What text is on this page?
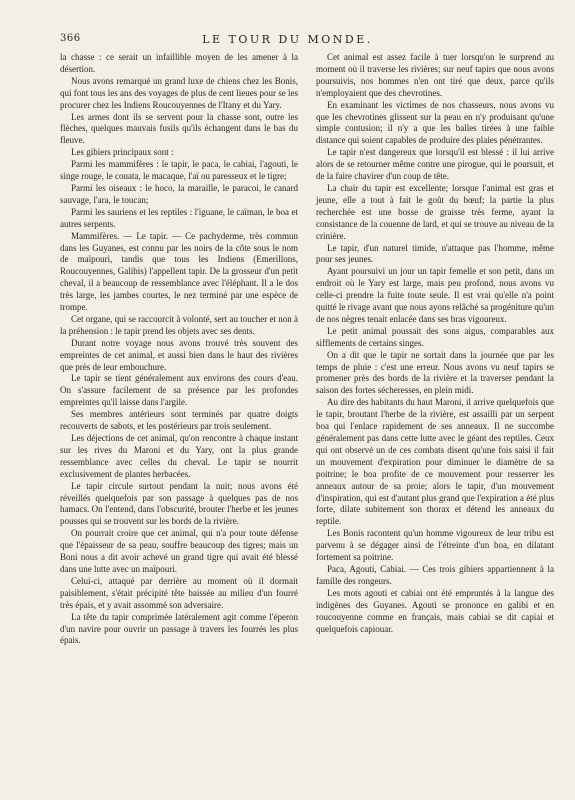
366	LE TOUR DU MONDE.

la chasse : ce serait un infaillible moyen de les amener à la désertion.

Nous avons remarqué un grand luxe de chiens chez les Bonis, qui font tous les ans des voyages de plus de cent lieues pour se les procurer chez les Indiens Roucouyennes de l'Itany et du Yary.

Les armes dont ils se servent pour la chasse sont, outre les flèches, quelques mauvais fusils qu'ils échangent dans le bas du fleuve.

Les gibiers principaux sont :

Parmi les mammifères : le tapir, le paca, le cabiai, l'agouti, le singe rouge, le couata, le macaque, l'aï ou paresseux et le tigre;

Parmi les oiseaux : le hoco, la maraille, le paracoi, le canard sauvage, l'ara, le toucan;

Parmi les sauriens et les reptiles : l'iguane, le caïman, le boa et autres serpents.

Mammifères. — Le tapir. — Ce pachyderme, très commun dans les Guyanes, est connu par les noirs de la côte sous le nom de maïpouri, tandis que tous les Indiens (Emerillons, Roucouyennes, Galibis) l'appellent tapir. De la grosseur d'un petit cheval, il a beaucoup de ressemblance avec l'éléphant. Il a le dos très large, les jambes courtes, le nez terminé par une espèce de trompe.

Cet organe, qui se raccourcit à volonté, sert au toucher et non à la préhension : le tapir prend les objets avec ses dents.

Durant notre voyage nous avons trouvé très souvent des empreintes de cet animal, et aussi bien dans le haut des rivières que près de leur embouchure.

Le tapir se tient généralement aux environs des cours d'eau. On s'assure facilement de sa présence par les profondes empreintes qu'il laisse dans l'argile.

Ses membres antérieurs sont terminés par quatre doigts recouverts de sabots, et les postérieurs par trois seulement.

Les déjections de cet animal, qu'on rencontre à chaque instant sur les rives du Maroni et du Yary, ont la plus grande ressemblance avec celles du cheval. Le tapir se nourrit exclusivement de plantes herbacées.

Le tapir circule surtout pendant la nuit; nous avons été réveillés quelquefois par son passage à quelques pas de nos hamacs. On l'entend, dans l'obscurité, brouter l'herbe et les jeunes pousses qui se trouvent sur les bords de la rivière.

On pourrait croire que cet animal, qui n'a pour toute défense que l'épaisseur de sa peau, souffre beaucoup des tigres; mais un Boni nous a dit avoir achevé un grand tigre qui avait été blessé dans une lutte avec un maïpouri.

Celui-ci, attaqué par derrière au moment où il dormait paisiblement, s'était précipité tête baissée au milieu d'un fourré très épais, et y avait assommé son adversaire.

La tête du tapir comprimée latéralement agit comme l'éperon d'un navire pour ouvrir un passage à travers les fourrés les plus épais.

Cet animal est assez facile à tuer lorsqu'on le surprend au moment où il traverse les rivières; sur neuf tapirs que nous avons poursuivis, nos hommes n'en ont tiré que deux, parce qu'ils n'employaient que des chevrotines.

En examinant les victimes de nos chasseurs, nous avons vu que les chevrotines glissent sur la peau en n'y produisant qu'une simple contusion; il n'y a que les balles tirées à une faible distance qui soient capables de produire des plaies pénétrantes.

Le tapir n'est dangereux que lorsqu'il est blessé : il lui arrive alors de se retourner même contre une pirogue, qui le poursuit, et de la faire chavirer d'un coup de tête.

La chair du tapir est excellente; lorsque l'animal est gras et jeune, elle a tout à fait le goût du bœuf; la partie la plus recherchée est une bosse de graisse très ferme, ayant la consistance de la couenne de lard, et qui se trouve au niveau de la crinière.

Le tapir, d'un naturel timide, n'attaque pas l'homme, même pour ses jeunes.

Ayant poursuivi un jour un tapir femelle et son petit, dans un endroit où le Yary est large, mais peu profond, nous avons vu celle-ci prendre la fuite toute seule. Il est vrai qu'elle n'a point quitté le rivage avant que nous ayons relâché sa progéniture qu'un de nos nègres tenait enlacée dans ses bras vigoureux.

Le petit animal poussait des sons aigus, comparables aux sifflements de certains singes.

On a dit que le tapir ne sortait dans la journée que par les temps de pluie : c'est une erreur. Nous avons vu neuf tapirs se promener près des bords de la rivière et la traverser pendant la saison des fortes sécheresses, en plein midi.

Au dire des habitants du haut Maroni, il arrive quelquefois que le tapir, broutant l'herbe de la rivière, est assailli par un serpent boa qui l'enlace rapidement de ses anneaux. Il ne succombe généralement pas dans cette lutte avec le géant des reptiles. Ceux qui ont observé un de ces combats disent qu'une fois saisi il fait un mouvement d'expiration pour diminuer le diamètre de sa poitrine; le boa profite de ce mouvement pour resserrer les anneaux autour de sa proie; alors le tapir, d'un mouvement d'inspiration, qui est d'autant plus grand que l'expiration a été plus forte, dilate subitement son thorax et détend les anneaux du reptile.

Les Bonis racontent qu'un homme vigoureux de leur tribu est parvenu à se dégager ainsi de l'étreinte d'un boa, en dilatant fortement sa poitrine.

Paca, Agouti, Cabiai. — Ces trois gibiers appartiennent à la famille des rongeurs.

Les mots agouti et cabiai ont été empruntés à la langue des indigènes des Guyanes. Agouti se prononce en galibi et en roucouyenne comme en français, mais cabiai se dit capiai et quelquefois capiouar.
